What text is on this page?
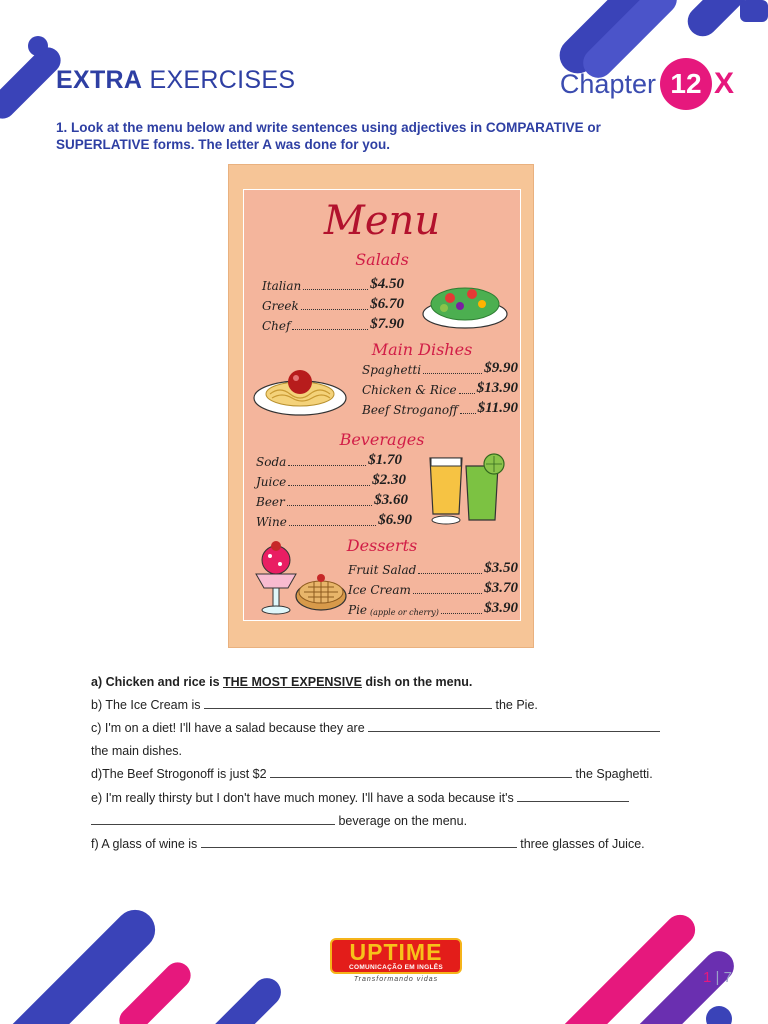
EXTRA EXERCISES	Chapter 12 X

1. Look at the menu below and write sentences using adjectives in COMPARATIVE or SUPERLATIVE forms. The letter A was done for you.

Menu
Salads
Italian	$4.50
Greek	$6.70
Chef	$7.90
Main Dishes
Spaghetti	$9.90
Chicken & Rice $13.90
Beef Stroganoff $11.90
Beverages
Soda	$1.70
Juice	$2.30
Beer	$3.60
Wine	$6.90
Desserts
Fruit Salad	$3.50
Ice Cream	$3.70
Pie (apple or cherry)	$3.90
a) Chicken and rice is THE MOST EXPENSIVE dish on the menu.
b) The Ice Cream is	the Pie.
c) I'm on a diet! I'll have a salad because they are
the main dishes.
d)The Beef Strogonoff is just $2	the Spaghetti.
e) I'm really thirsty but I don't have much money. I'll have a soda because it's
beverage on the menu.
f) A glass of wine is	three glasses of Juice.
UPTIME
COMUNICAÇÃO EM INGLÊS
Transformando vidas	1 | 7
